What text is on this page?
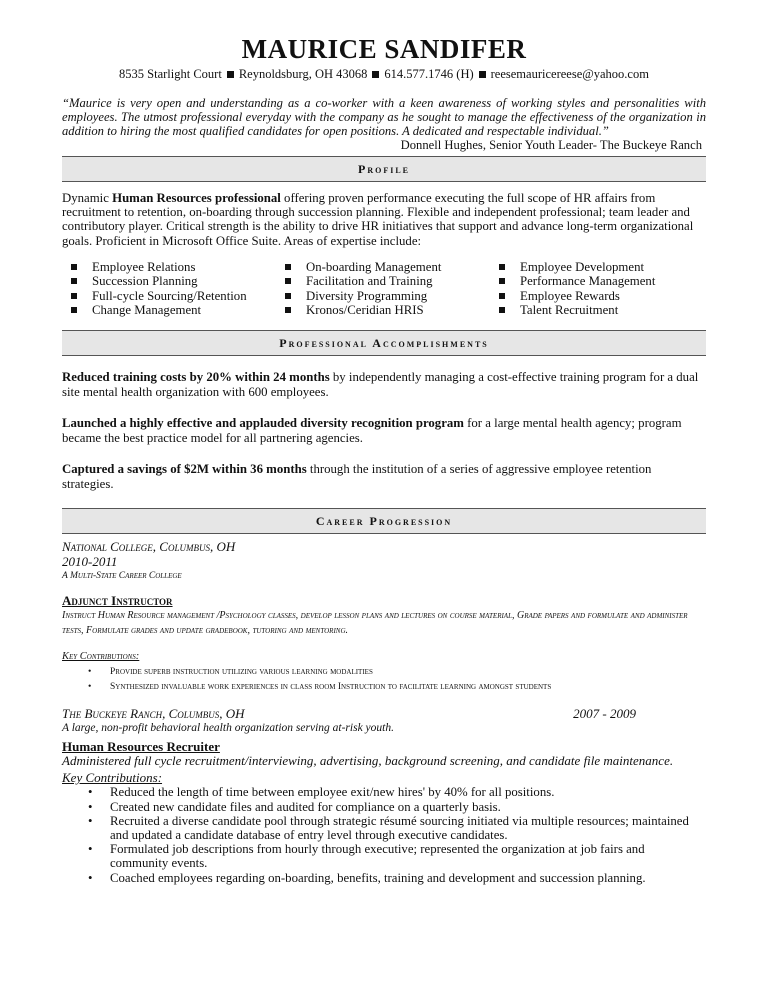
MAURICE SANDIFER
8535 Starlight Court Reynoldsburg, OH 43068 614.577.1746 (H) reesemauricereese@yahoo.com
“Maurice is very open and understanding as a co-worker with a keen awareness of working styles and personalities with employees. The utmost professional everyday with the company as he sought to manage the effectiveness of the organization in addition to hiring the most qualified candidates for open positions. A dedicated and respectable individual.”
Donnell Hughes, Senior Youth Leader- The Buckeye Ranch
Profile
Dynamic Human Resources professional offering proven performance executing the full scope of HR affairs from recruitment to retention, on-boarding through succession planning. Flexible and independent professional; team leader and contributory player. Critical strength is the ability to drive HR initiatives that support and advance long-term organizational goals. Proficient in Microsoft Office Suite. Areas of expertise include:
Employee Relations
Succession Planning
Full-cycle Sourcing/Retention
Change Management
On-boarding Management
Facilitation and Training
Diversity Programming
Kronos/Ceridian HRIS
Employee Development
Performance Management
Employee Rewards
Talent Recruitment
Professional Accomplishments
Reduced training costs by 20% within 24 months by independently managing a cost-effective training program for a dual site mental health organization with 600 employees.
Launched a highly effective and applauded diversity recognition program for a large mental health agency; program became the best practice model for all partnering agencies.
Captured a savings of $2M within 36 months through the institution of a series of aggressive employee retention strategies.
Career Progression
National College, Columbus, OH
2010-2011
A Multi-State Career College
Adjunct Instructor
Instruct Human Resource management /Psychology classes, develop lesson plans and lectures on course material, Grade papers and formulate and administer tests, Formulate grades and update gradebook, tutoring and mentoring.
Key Contributions:
• Provide superb instruction utilizing various learning modalities
• Synthesized invaluable work experiences in class room Instruction to facilitate learning amongst students
The Buckeye Ranch, Columbus, OH	2007 - 2009
A large, non-profit behavioral health organization serving at-risk youth.
Human Resources Recruiter
Administered full cycle recruitment/interviewing, advertising, background screening, and candidate file maintenance.
Key Contributions:
• Reduced the length of time between employee exit/new hires' by 40% for all positions.
• Created new candidate files and audited for compliance on a quarterly basis.
• Recruited a diverse candidate pool through strategic résumé sourcing initiated via multiple resources; maintained and updated a candidate database of entry level through executive candidates.
• Formulated job descriptions from hourly through executive; represented the organization at job fairs and community events.
• Coached employees regarding on-boarding, benefits, training and development and succession planning.
